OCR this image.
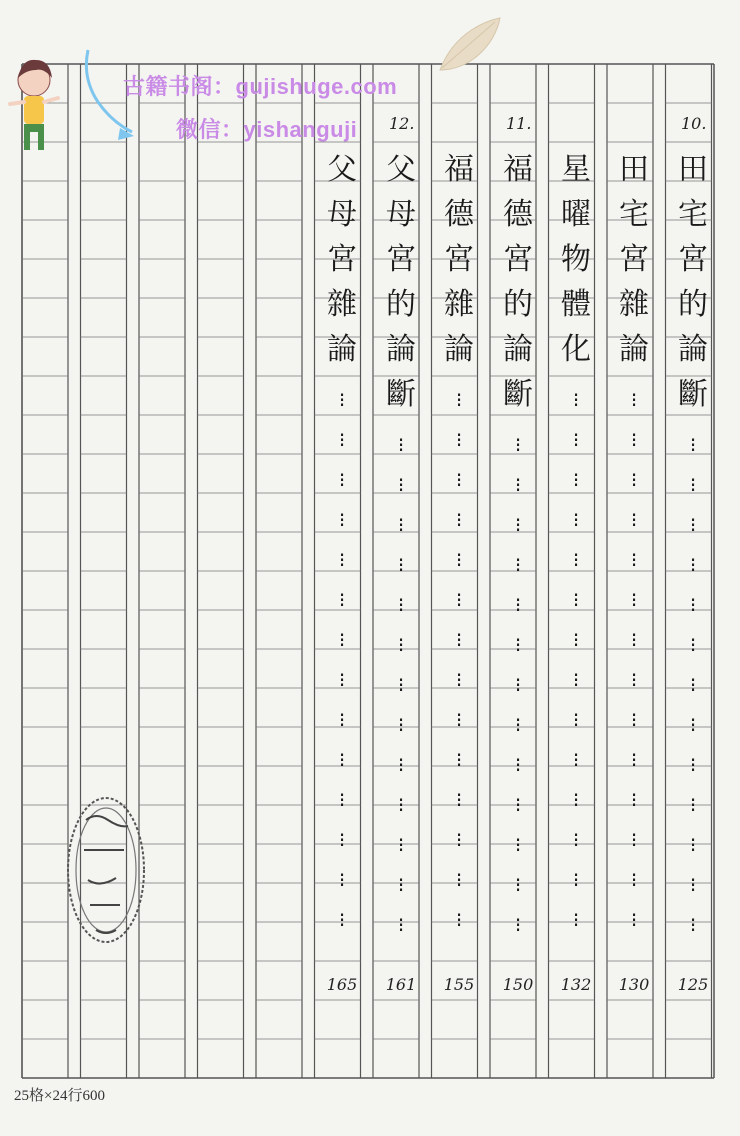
古籍书阁：gujishuge.com
微信：yishanguji	10.
田
宅
宮
的
論
斷
⁝
⁝
⁝
⁝
⁝
⁝
⁝
⁝
⁝
⁝
⁝
⁝
⁝
125
田
宅
宮
雜
論
⁝
⁝
⁝
⁝
⁝
⁝
⁝
⁝
⁝
⁝
⁝
⁝
⁝
⁝
130
星
曜
物
體
化
⁝
⁝
⁝
⁝
⁝
⁝
⁝
⁝
⁝
⁝
⁝
⁝
⁝
⁝
132
11.
福
德
宮
的
論
斷
⁝
⁝
⁝
⁝
⁝
⁝
⁝
⁝
⁝
⁝
⁝
⁝
⁝
150
福
德
宮
雜
論
⁝
⁝
⁝
⁝
⁝
⁝
⁝
⁝
⁝
⁝
⁝
⁝
⁝
⁝
155
12.
父
母
宮
的
論
斷
⁝
⁝
⁝
⁝
⁝
⁝
⁝
⁝
⁝
⁝
⁝
⁝
⁝
161
父
母
宮
雜
論
⁝
⁝
⁝
⁝
⁝
⁝
⁝
⁝
⁝
⁝
⁝
⁝
⁝
⁝
165
25格×24行600
